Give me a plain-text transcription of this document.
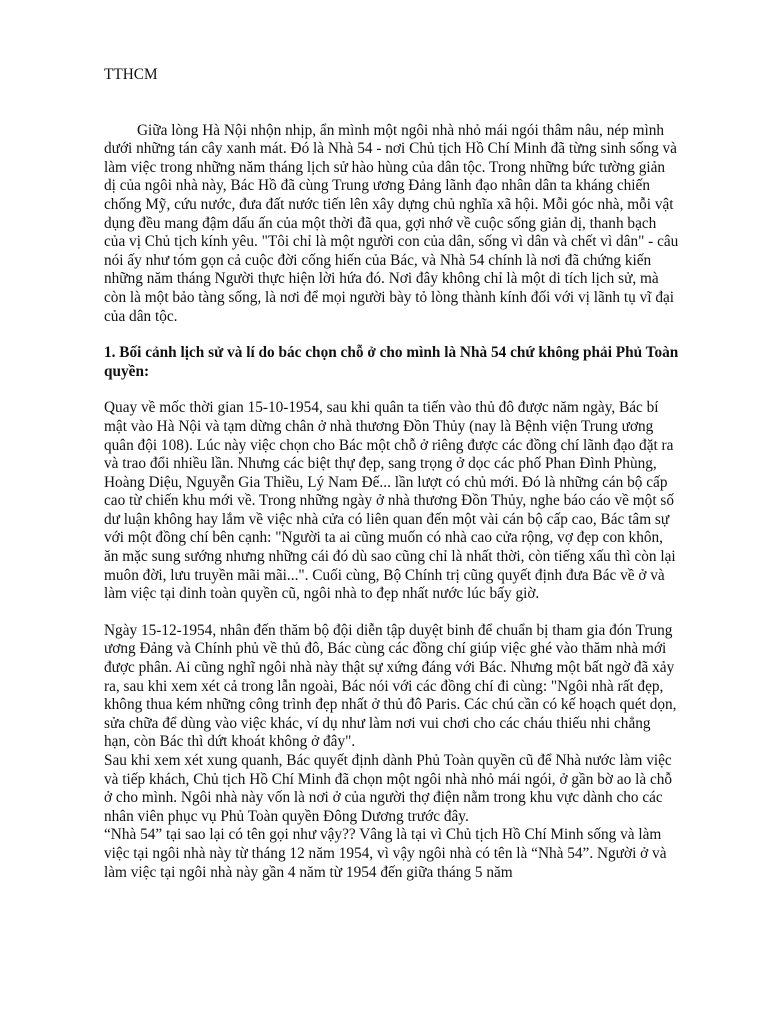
TTHCM

Giữa lòng Hà Nội nhộn nhịp, ẩn mình một ngôi nhà nhỏ mái ngói thâm nâu, nép mình dưới những tán cây xanh mát. Đó là Nhà 54 - nơi Chủ tịch Hồ Chí Minh đã từng sinh sống và làm việc trong những năm tháng lịch sử hào hùng của dân tộc. Trong những bức tường giản dị của ngôi nhà này, Bác Hồ đã cùng Trung ương Đảng lãnh đạo nhân dân ta kháng chiến chống Mỹ, cứu nước, đưa đất nước tiến lên xây dựng chủ nghĩa xã hội. Mỗi góc nhà, mỗi vật dụng đều mang đậm dấu ấn của một thời đã qua, gợi nhớ về cuộc sống giản dị, thanh bạch của vị Chủ tịch kính yêu. "Tôi chỉ là một người con của dân, sống vì dân và chết vì dân" - câu nói ấy như tóm gọn cả cuộc đời cống hiến của Bác, và Nhà 54 chính là nơi đã chứng kiến những năm tháng Người thực hiện lời hứa đó. Nơi đây không chỉ là một di tích lịch sử, mà còn là một bảo tàng sống, là nơi để mọi người bày tỏ lòng thành kính đối với vị lãnh tụ vĩ đại của dân tộc.

1. Bối cảnh lịch sử và lí do bác chọn chỗ ở cho mình là Nhà 54 chứ không phải Phủ Toàn quyền:

Quay về mốc thời gian 15-10-1954, sau khi quân ta tiến vào thủ đô được năm ngày, Bác bí mật vào Hà Nội và tạm dừng chân ở nhà thương Đồn Thủy (nay là Bệnh viện Trung ương quân đội 108). Lúc này việc chọn cho Bác một chỗ ở riêng được các đồng chí lãnh đạo đặt ra và trao đổi nhiều lần. Nhưng các biệt thự đẹp, sang trọng ở dọc các phố Phan Đình Phùng, Hoàng Diệu, Nguyễn Gia Thiều, Lý Nam Đế... lần lượt có chủ mới. Đó là những cán bộ cấp cao từ chiến khu mới về. Trong những ngày ở nhà thương Đồn Thủy, nghe báo cáo về một số dư luận không hay lắm về việc nhà cửa có liên quan đến một vài cán bộ cấp cao, Bác tâm sự với một đồng chí bên cạnh: "Người ta ai cũng muốn có nhà cao cửa rộng, vợ đẹp con khôn, ăn mặc sung sướng nhưng những cái đó dù sao cũng chỉ là nhất thời, còn tiếng xấu thì còn lại muôn đời, lưu truyền mãi mãi...". Cuối cùng, Bộ Chính trị cũng quyết định đưa Bác về ở và làm việc tại dinh toàn quyền cũ, ngôi nhà to đẹp nhất nước lúc bấy giờ.

Ngày 15-12-1954, nhân đến thăm bộ đội diễn tập duyệt binh để chuẩn bị tham gia đón Trung ương Đảng và Chính phủ về thủ đô, Bác cùng các đồng chí giúp việc ghé vào thăm nhà mới được phân. Ai cũng nghĩ ngôi nhà này thật sự xứng đáng với Bác. Nhưng một bất ngờ đã xảy ra, sau khi xem xét cả trong lẫn ngoài, Bác nói với các đồng chí đi cùng: "Ngôi nhà rất đẹp, không thua kém những công trình đẹp nhất ở thủ đô Paris. Các chú cần có kế hoạch quét dọn, sửa chữa để dùng vào việc khác, ví dụ như làm nơi vui chơi cho các cháu thiếu nhi chẳng hạn, còn Bác thì dứt khoát không ở đây".

Sau khi xem xét xung quanh, Bác quyết định dành Phủ Toàn quyền cũ để Nhà nước làm việc và tiếp khách, Chủ tịch Hồ Chí Minh đã chọn một ngôi nhà nhỏ mái ngói, ở gần bờ ao là chỗ ở cho mình. Ngôi nhà này vốn là nơi ở của người thợ điện nằm trong khu vực dành cho các nhân viên phục vụ Phủ Toàn quyền Đông Dương trước đây.

“Nhà 54” tại sao lại có tên gọi như vậy?? Vâng là tại vì Chủ tịch Hồ Chí Minh sống và làm việc tại ngôi nhà này từ tháng 12 năm 1954, vì vậy ngôi nhà có tên là “Nhà 54”. Người ở và làm việc tại ngôi nhà này gần 4 năm từ 1954 đến giữa tháng 5 năm
